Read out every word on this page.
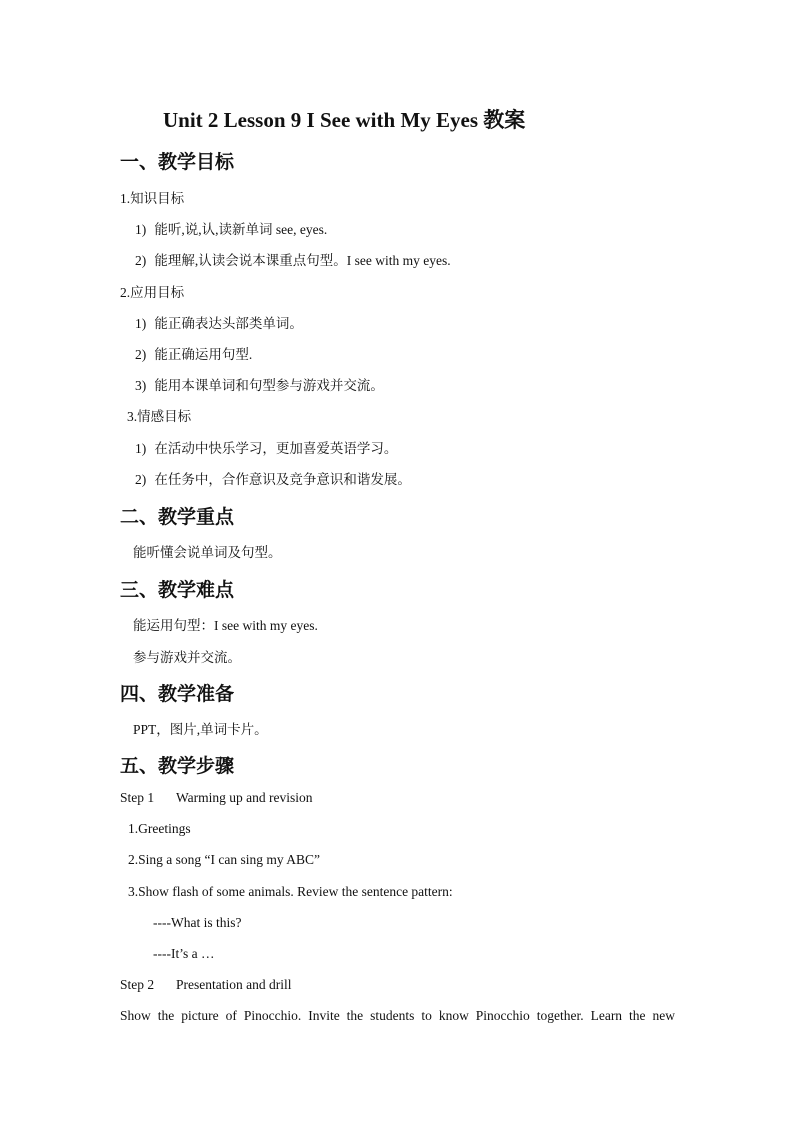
Unit 2 Lesson 9 I See with My Eyes 教案
一、教学目标
1.知识目标
1) 能听,说,认,读新单词 see, eyes.
2) 能理解,认读会说本课重点句型。I see with my eyes.
2.应用目标
1) 能正确表达头部类单词。
2) 能正确运用句型.
3) 能用本课单词和句型参与游戏并交流。
3.情感目标
1) 在活动中快乐学习，更加喜爱英语学习。
2) 在任务中，合作意识及竞争意识和谐发展。
二、教学重点
能听懂会说单词及句型。
三、教学难点
能运用句型：I see with my eyes.
参与游戏并交流。
四、教学准备
PPT，图片,单词卡片。
五、教学步骤
Step 1 Warming up and revision
1.Greetings
2.Sing a song “I can sing my ABC”
3.Show flash of some animals. Review the sentence pattern:
----What is this?
----It’s a …
Step 2 Presentation and drill
Show the picture of Pinocchio. Invite the students to know Pinocchio together. Learn the new
